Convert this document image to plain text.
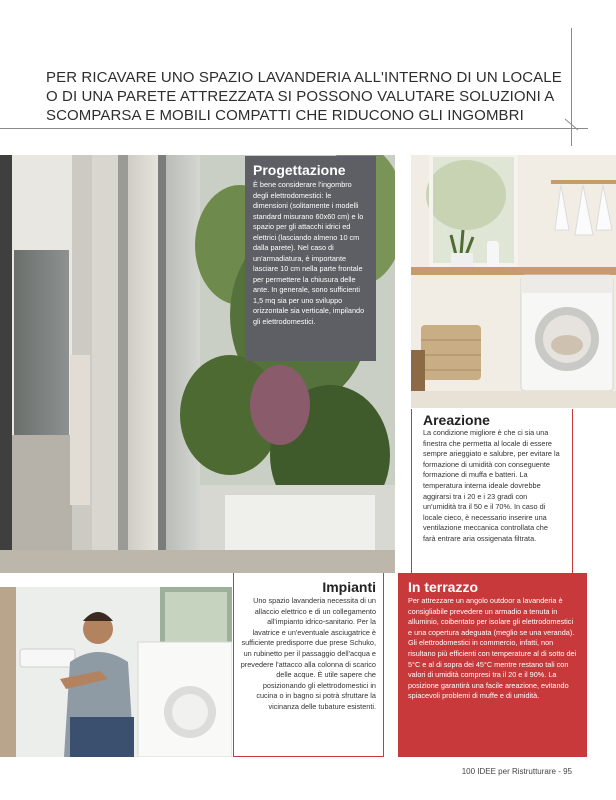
PER RICAVARE UNO SPAZIO LAVANDERIA ALL'INTERNO DI UN LOCALE O DI UNA PARETE ATTREZZATA SI POSSONO VALUTARE SOLUZIONI A SCOMPARSA E MOBILI COMPATTI CHE RIDUCONO GLI INGOMBRI
Progettazione

È bene considerare l'ingombro degli elettrodomestici: le dimensioni (solitamente i modelli standard misurano 60x60 cm) e lo spazio per gli attacchi idrici ed elettrici (lasciando almeno 10 cm dalla parete). Nel caso di un'armadiatura, è importante lasciare 10 cm nella parte frontale per permettere la chiusura delle ante. In generale, sono sufficienti 1,5 mq sia per uno sviluppo orizzontale sia verticale, impilando gli elettrodomestici.

Areazione

La condizione migliore è che ci sia una finestra che permetta al locale di essere sempre arieggiato e salubre, per evitare la formazione di umidità con conseguente formazione di muffa e batteri. La temperatura interna ideale dovrebbe aggirarsi tra i 20 e i 23 gradi con un'umidità tra il 50 e il 70%. In caso di locale cieco, è necessario inserire una ventilazione meccanica controllata che farà entrare aria ossigenata filtrata.

Impianti

Uno spazio lavanderia necessita di un allaccio elettrico e di un collegamento all'impianto idrico-sanitario. Per la lavatrice e un'eventuale asciugatrice è sufficiente predisporre due prese Schuko, un rubinetto per il passaggio dell'acqua e prevedere l'attacco alla colonna di scarico delle acque. È utile sapere che posizionando gli elettrodomestici in cucina o in bagno si potrà sfruttare la vicinanza delle tubature esistenti.

In terrazzo

Per attrezzare un angolo outdoor a lavanderia è consigliabile prevedere un armadio a tenuta in alluminio, coibentato per isolare gli elettrodomestici e una copertura adeguata (meglio se una veranda). Gli elettrodomestici in commercio, infatti, non risultano più efficienti con temperature al di sotto dei 5°C e al di sopra dei 45°C mentre restano tali con valori di umidità compresi tra il 20 e il 90%. La posizione garantirà una facile areazione, evitando spiacevoli problemi di muffe e di umidità.

100 IDEE per Ristrutturare - 95
